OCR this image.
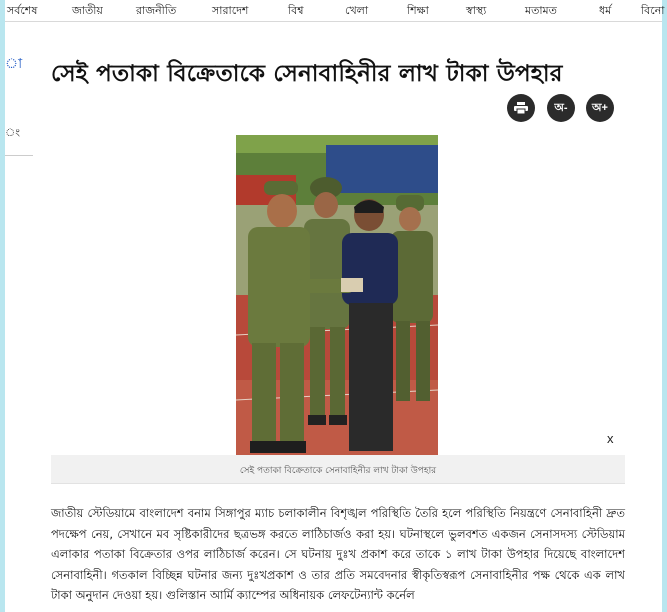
সর্বশেষ	জাতীয়	রাজনীতি	সারাদেশ	বিশ্ব	খেলা	শিক্ষা	স্বাস্থ্য	মতামত	ধর্ম	বিনো
া
ং
সেই পতাকা বিক্রেতাকে সেনাবাহিনীর লাখ টাকা উপহার
অ-	অ+
x
সেই পতাকা বিক্রেতাকে সেনাবাহিনীর লাখ টাকা উপহার

জাতীয় স্টেডিয়ামে বাংলাদেশ বনাম সিঙ্গাপুর ম্যাচ চলাকালীন বিশৃঙ্খল পরিস্থিতি তৈরি হলে পরিস্থিতি নিয়ন্ত্রণে সেনাবাহিনী দ্রুত পদক্ষেপ নেয়, সেখানে মব সৃষ্টিকারীদের ছত্রভঙ্গ করতে লাঠিচার্জও করা হয়। ঘটনাস্থলে ভুলবশত একজন সেনাসদস্য স্টেডিয়াম এলাকার পতাকা বিক্রেতার ওপর লাঠিচার্জ করেন। সে ঘটনায় দুঃখ প্রকাশ করে তাকে ১ লাখ টাকা উপহার দিয়েছে বাংলাদেশ সেনাবাহিনী। গতকাল বিচ্ছিন্ন ঘটনার জন্য দুঃখপ্রকাশ ও তার প্রতি সমবেদনার স্বীকৃতিস্বরূপ সেনাবাহিনীর পক্ষ থেকে এক লাখ টাকা অনুদান দেওয়া হয়। গুলিস্তান আর্মি ক্যাম্পের অধিনায়ক লেফটেন্যান্ট কর্নেল
